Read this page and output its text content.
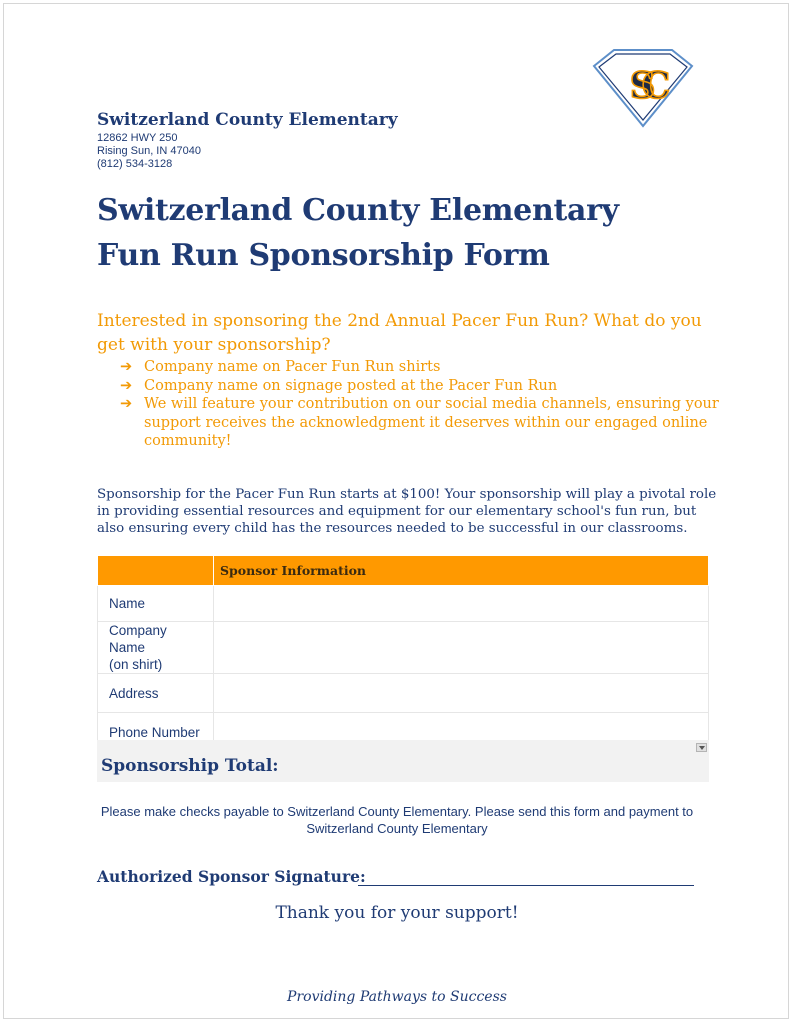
SC
Switzerland County Elementary
12862 HWY 250
Rising Sun, IN 47040
(812) 534-3128
Switzerland County Elementary
Fun Run Sponsorship Form
Interested in sponsoring the 2nd Annual Pacer Fun Run? What do you get with your sponsorship?
➔ Company name on Pacer Fun Run shirts
➔ Company name on signage posted at the Pacer Fun Run
➔ We will feature your contribution on our social media channels, ensuring your support receives the acknowledgment it deserves within our engaged online community!
Sponsorship for the Pacer Fun Run starts at $100! Your sponsorship will play a pivotal role in providing essential resources and equipment for our elementary school's fun run, but also ensuring every child has the resources needed to be successful in our classrooms.
	Sponsor Information
Name	
Company Name
(on shirt)	
Address	
Phone Number	
Sponsorship Total:
Please make checks payable to Switzerland County Elementary. Please send this form and payment to Switzerland County Elementary
Authorized Sponsor Signature:
Thank you for your support!
Providing Pathways to Success
